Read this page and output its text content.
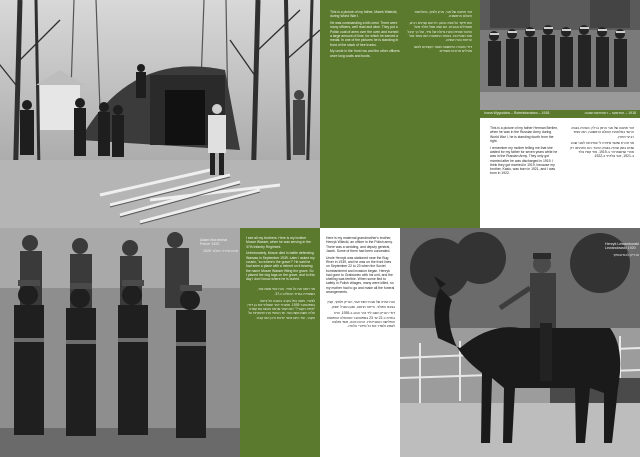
This is a picture of my father, Marek Walecki, during World War I.

He was commanding a kiln crew. There were many officers, well read and wise. They put a Polish coat of arms over the oven and burned a large amount of lime, for which he earned a medal. In one of the pictures he is standing in front of the stack of tree trunks.

My uncle in the front row and the other officers wore long coats and boots.

זוהי תמונה של אבי, מרק ולצקי, במלחמת העולם הראשונה.

הוא פיקד על צוות כבשן. היו שם קצינים רבים, משכילים ונבונים. הם שמו סמל פולני מעל התנור ושרפו כמות גדולה של סיד, ועל כך קיבל אות הצטיינות. באחת התמונות הוא עומד מול ערימת גזעי העצים.

דודי בשורה הראשונה ושאר הקצינים לבשו מעילים ארוכים ומגפיים.

Ivona Wygodzka – Rotmistrzostwo – 1918	1918 – ויגודסקה – רוטמיסטרוסטבו

This is a picture of my father Herman Berlien, when he was in the Russian Army during World War I, he is standing fourth from the right.

I remember my mother telling me that she waited for my father for seven years while he was in the Russian Army. They only got married after he was discharged in 1919. I think they got married in 1919, because my brother, Kasio, was born in 1921, and I was born in 1922.

זוהי תמונה של אבי הרמן ברלין, כשהיה בצבא הרוסי במלחמת העולם הראשונה, הוא עומד רביעי מימין.

אני זוכרת שאמי סיפרה לי שחיכתה לאבי שבע שנים בזמן שהיה בצבא הרוסי. הם התחתנו רק אחרי שהשתחרר ב-1919. אחי קסיו נולד ב-1921, ואני נולדתי ב-1922.

Adam Mordechai Polner 1920
אדם מרדכי פולנר 1920

I see all my brothers. Here is my brother Mosze Wasser, when he was serving in the 37th Infantry Regiment.

Unfortunately, Mosze died in battle defending Warsaw in September 1939. Later I asked my cousin, "so where's the grave?" He said he had seen a plane with a helmet on it bearing the name Mosze Wasser fitting the grave. So I placed the dog tags on the grave, and to this day I don't know where he is buried.

אני רואה את כל אחיי. הנה אחי משה וסר, כששירת בגדוד הרגלים ה-37.

לצערי, משה נפל בקרב בהגנה על ורשה בספטמבר 1939. מאוחר יותר שאלתי את בן דודי, "איפה הקבר?" הוא אמר שראה מטוס עם קסדה עליה השם משה וסר. אז הנחתי את הדסקיות על הקבר, ועד היום אינני יודעת היכן הוא קבור.

Here is my maternal grandmother's brother, Henryk Wilecki, an officer in the Polish army. There was a wedding, and deputy general, Jacek. Some of them had been concealed.

Uncle Henryk was stationed near the Bug River in 1939, and he was on the front lines on September 22 to 23 when the Soviet bombardment and invasion began. Henryk had gone to Grabowiec with his unit, and the shelling was terrible. When some fled to safety in Polish villages, many were killed, so my mother had to go and make all the funeral arrangements.

הנה אחיה של סבתי מצד אמי, הנריק וילצקי, קצין בצבא הפולני. הייתה חתונה, וסגן הגנרל יאצק.

דודי הנריק הוצב ליד נהר הבוג ב-1939, והיה בחזית ב-22 עד 23 בספטמבר כשהחלה ההפצצה והפלישה הסובייטית. רבים נהרגו, ואמי נאלצה לנסוע ולסדר את כל סידורי הלוויה.

Henryk Lewandowski Lewandowski 1920
הנריק לבנדובסקי
